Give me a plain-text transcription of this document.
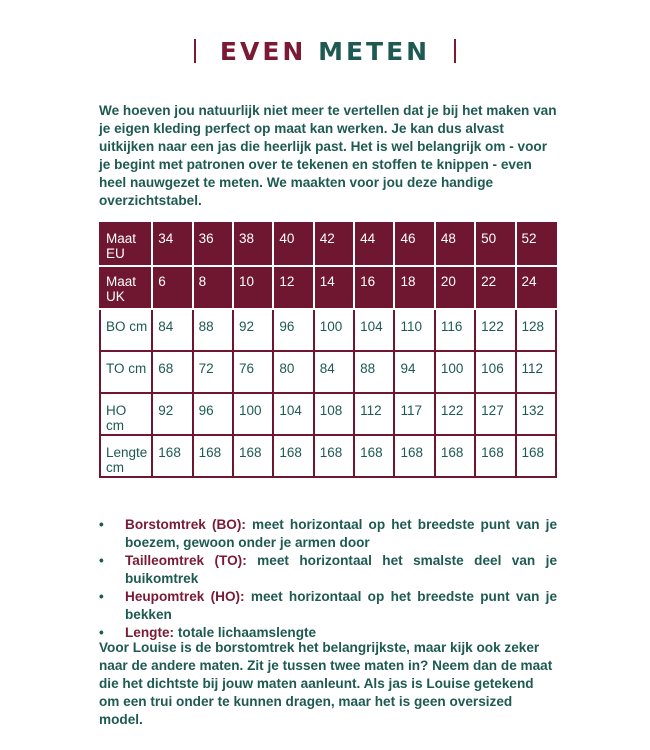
EVEN METEN

We hoeven jou natuurlijk niet meer te vertellen dat je bij het maken van je eigen kleding perfect op maat kan werken. Je kan dus alvast uitkijken naar een jas die heerlijk past. Het is wel belangrijk om - voor je begint met patronen over te tekenen en stoffen te knippen - even heel nauwgezet te meten. We maakten voor jou deze handige overzichtstabel.

Maat EU	34	36	38	40	42	44	46	48	50	52
Maat UK	6	8	10	12	14	16	18	20	22	24
BO cm	84	88	92	96	100	104	110	116	122	128
TO cm	68	72	76	80	84	88	94	100	106	112
HO cm	92	96	100	104	108	112	117	122	127	132
Lengte cm	168	168	168	168	168	168	168	168	168	168
• Borstomtrek (BO): meet horizontaal op het breedste punt van je boezem, gewoon onder je armen door
• Tailleomtrek (TO): meet horizontaal het smalste deel van je buikomtrek
• Heupomtrek (HO): meet horizontaal op het breedste punt van je bekken
• Lengte: totale lichaamslengte

Voor Louise is de borstomtrek het belangrijkste, maar kijk ook zeker naar de andere maten. Zit je tussen twee maten in? Neem dan de maat die het dichtste bij jouw maten aanleunt. Als jas is Louise getekend om een trui onder te kunnen dragen, maar het is geen oversized model.
